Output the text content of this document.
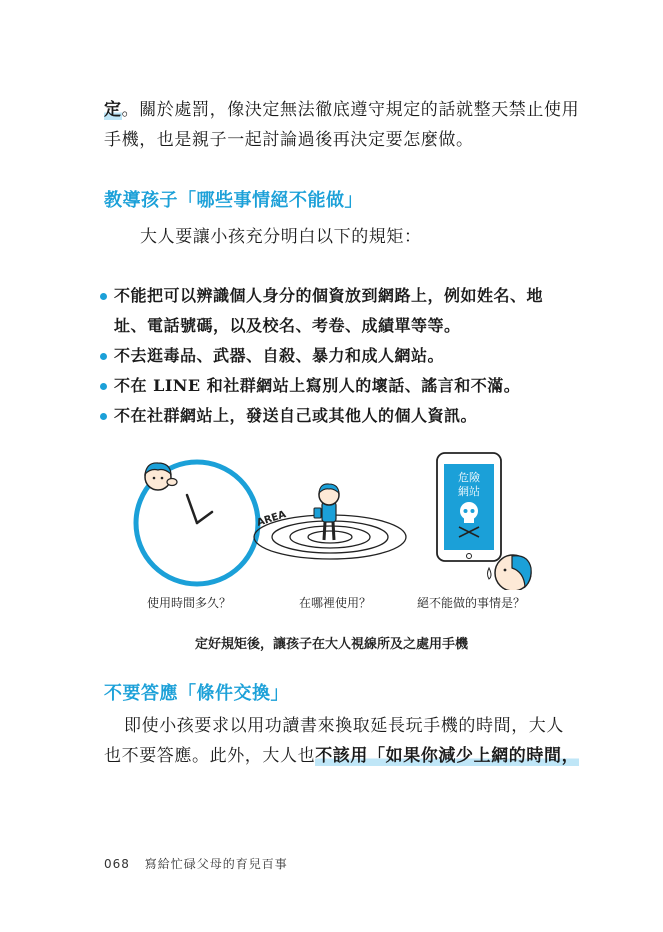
定。關於處罰，像決定無法徹底遵守規定的話就整天禁止使用
手機，也是親子一起討論過後再決定要怎麼做。

教導孩子「哪些事情絕不能做」

大人要讓小孩充分明白以下的規矩：

不能把可以辨識個人身分的個資放到網路上，例如姓名、地
址、電話號碼，以及校名、考卷、成績單等等。
不去逛毒品、武器、自殺、暴力和成人網站。
不在 LINE 和社群網站上寫別人的壞話、謠言和不滿。
不在社群網站上，發送自己或其他人的個人資訊。
AREA
危險
網站
使用時間多久？	在哪裡使用？	絕不能做的事情是？
定好規矩後，讓孩子在大人視線所及之處用手機
不要答應「條件交換」

即使小孩要求以用功讀書來換取延長玩手機的時間，大人
也不要答應。此外，大人也不該用「如果你減少上網的時間，

068 寫給忙碌父母的育兒百事
